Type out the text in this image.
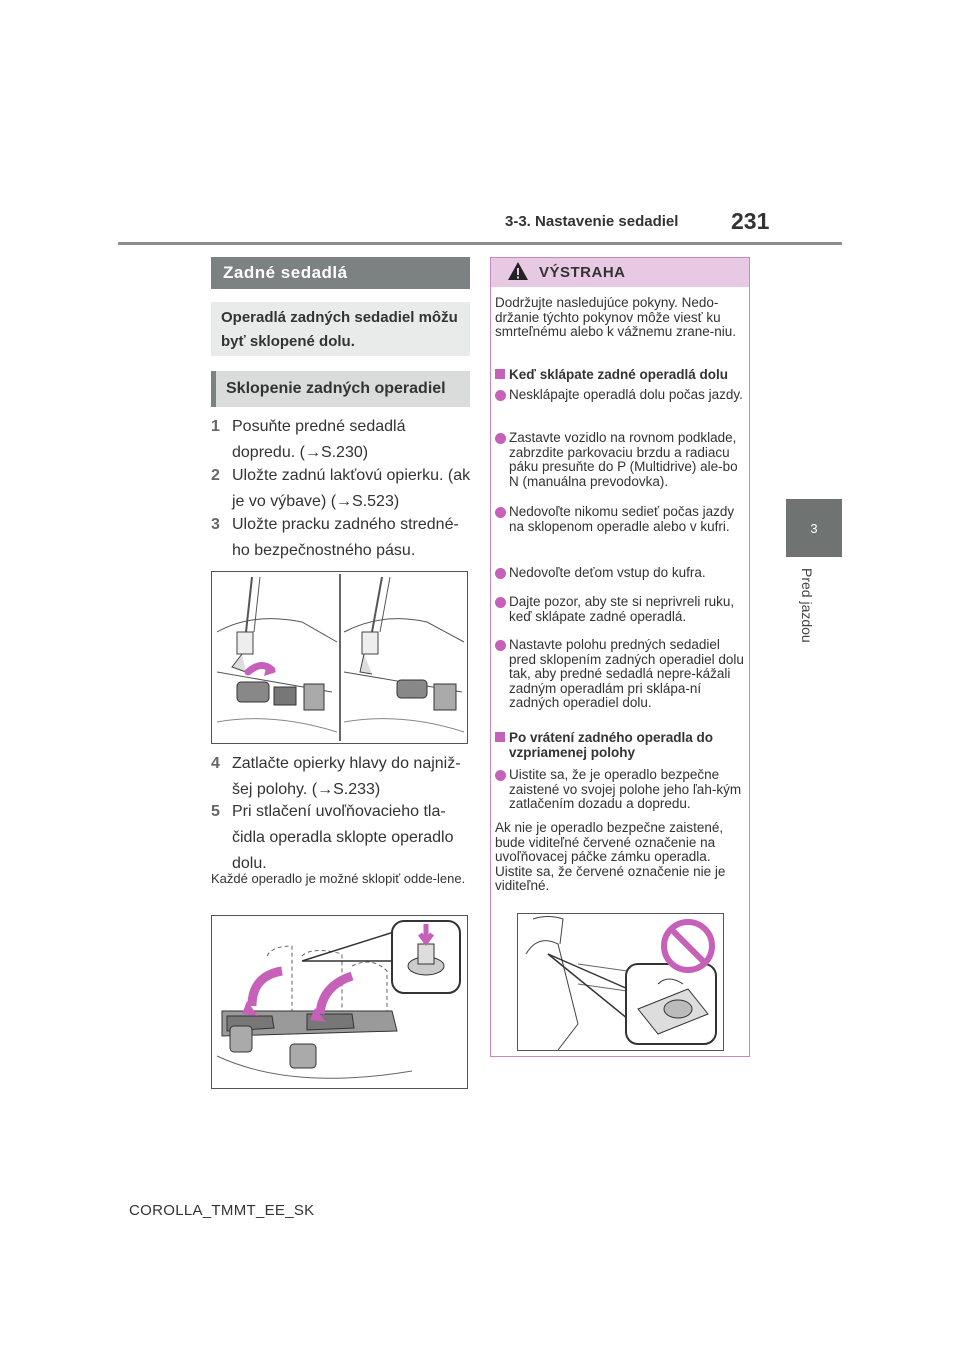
3-3. Nastavenie sedadiel 231
3
Pred jazdou
Zadné sedadlá
Operadlá zadných sedadiel môžu byť sklopené dolu.
Sklopenie zadných operadiel
1 Posuňte predné sedadlá dopredu. (→S.230)
2 Uložte zadnú lakťovú opierku. (ak je vo výbave) (→S.523)
3 Uložte pracku zadného stredné-ho bezpečnostného pásu.
4 Zatlačte opierky hlavy do najniž-šej polohy. (→S.233)
5 Pri stlačení uvoľňovacieho tla-čidla operadla sklopte operadlo dolu.
Každé operadlo je možné sklopiť odde-lene.
VÝSTRAHA
Dodržujte nasledujúce pokyny. Nedo-držanie týchto pokynov môže viesť ku smrteľnému alebo k vážnemu zrane-niu.
Keď sklápate zadné operadlá dolu
Nesklápajte operadlá dolu počas jazdy.
Zastavte vozidlo na rovnom podklade, zabrzdite parkovaciu brzdu a radiacu páku presuňte do P (Multidrive) ale-bo N (manuálna prevodovka).
Nedovoľte nikomu sedieť počas jazdy na sklopenom operadle alebo v kufri.
Nedovoľte deťom vstup do kufra.
Dajte pozor, aby ste si neprivreli ruku, keď sklápate zadné operadlá.
Nastavte polohu predných sedadiel pred sklopením zadných operadiel dolu tak, aby predné sedadlá nepre-kážali zadným operadlám pri sklápa-ní zadných operadiel dolu.
Po vrátení zadného operadla do vzpriamenej polohy
Uistite sa, že je operadlo bezpečne zaistené vo svojej polohe jeho ľah-kým zatlačením dozadu a dopredu.
Ak nie je operadlo bezpečne zaistené, bude viditeľné červené označenie na uvoľňovacej páčke zámku operadla. Uistite sa, že červené označenie nie je viditeľné.
COROLLA_TMMT_EE_SK
